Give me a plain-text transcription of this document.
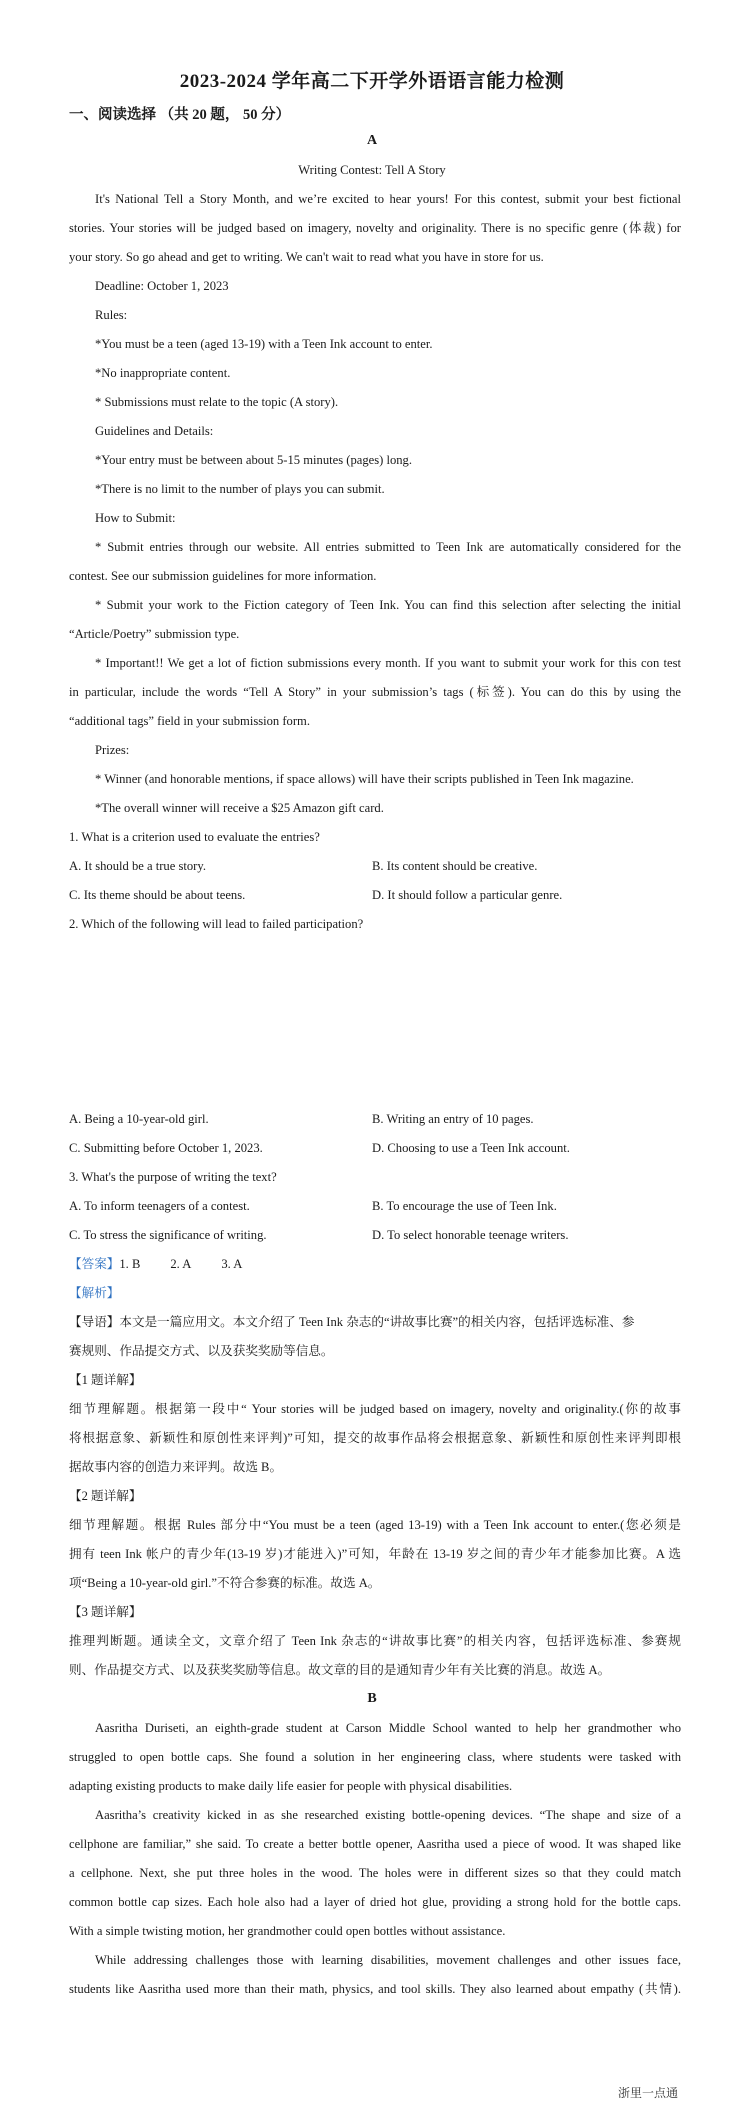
2023-2024 学年高二下开学外语语言能力检测
一、阅读选择 （共 20 题， 50 分）
A
Writing Contest: Tell A Story
It's National Tell a Story Month, and we’re excited to hear yours! For this contest, submit your best fictional
stories. Your stories will be judged based on imagery, novelty and originality. There is no specific genre (体裁) for
your story. So go ahead and get to writing. We can't wait to read what you have in store for us.
Deadline: October 1, 2023
Rules:
*You must be a teen (aged 13-19) with a Teen Ink account to enter.
*No inappropriate content.
* Submissions must relate to the topic (A story).
Guidelines and Details:
*Your entry must be between about 5-15 minutes (pages) long.
*There is no limit to the number of plays you can submit.
How to Submit:
* Submit entries through our website. All entries submitted to Teen Ink are automatically considered for the
contest. See our submission guidelines for more information.
* Submit your work to the Fiction category of Teen Ink. You can find this selection after selecting the initial
“Article/Poetry” submission type.
* Important!! We get a lot of fiction submissions every month. If you want to submit your work for this con test
in particular, include the words “Tell A Story” in your submission’s tags (标签). You can do this by using the
“additional tags” field in your submission form.
Prizes:
* Winner (and honorable mentions, if space allows) will have their scripts published in Teen Ink magazine.
*The overall winner will receive a $25 Amazon gift card.
1. What is a criterion used to evaluate the entries?
A. It should be a true story.	B. Its content should be creative.
C. Its theme should be about teens.	D. It should follow a particular genre.
2. Which of the following will lead to failed participation?
A. Being a 10-year-old girl.	B. Writing an entry of 10 pages.
C. Submitting before October 1, 2023.	D. Choosing to use a Teen Ink account.
3. What's the purpose of writing the text?
A. To inform teenagers of a contest.	B. To encourage the use of Teen Ink.
C. To stress the significance of writing.	D. To select honorable teenage writers.
【答案】1. B 2. A 3. A
【解析】
【导语】本文是一篇应用文。本文介绍了 Teen Ink 杂志的“讲故事比赛”的相关内容，包括评选标准、参
赛规则、作品提交方式、以及获奖奖励等信息。
【1 题详解】
细节理解题。根据第一段中“ Your stories will be judged based on imagery, novelty and originality.(你的故事
将根据意象、新颖性和原创性来评判)”可知，提交的故事作品将会根据意象、新颖性和原创性来评判即根
据故事内容的创造力来评判。故选 B。
【2 题详解】
细节理解题。根据 Rules 部分中“You must be a teen (aged 13-19) with a Teen Ink account to enter.(您必须是
拥有 teen Ink 帐户的青少年(13-19 岁)才能进入)”可知，年龄在 13-19 岁之间的青少年才能参加比赛。A 选
项“Being a 10-year-old girl.”不符合参赛的标准。故选 A。
【3 题详解】
推理判断题。通读全文，文章介绍了 Teen Ink 杂志的“讲故事比赛”的相关内容，包括评选标准、参赛规
则、作品提交方式、以及获奖奖励等信息。故文章的目的是通知青少年有关比赛的消息。故选 A。
B
Aasritha Duriseti, an eighth-grade student at Carson Middle School wanted to help her grandmother who
struggled to open bottle caps. She found a solution in her engineering class, where students were tasked with
adapting existing products to make daily life easier for people with physical disabilities.
Aasritha’s creativity kicked in as she researched existing bottle-opening devices. “The shape and size of a
cellphone are familiar,” she said. To create a better bottle opener, Aasritha used a piece of wood. It was shaped like
a cellphone. Next, she put three holes in the wood. The holes were in different sizes so that they could match
common bottle cap sizes. Each hole also had a layer of dried hot glue, providing a strong hold for the bottle caps.
With a simple twisting motion, her grandmother could open bottles without assistance.
While addressing challenges those with learning disabilities, movement challenges and other issues face,
students like Aasritha used more than their math, physics, and tool skills. They also learned about empathy (共情).
浙里一点通
